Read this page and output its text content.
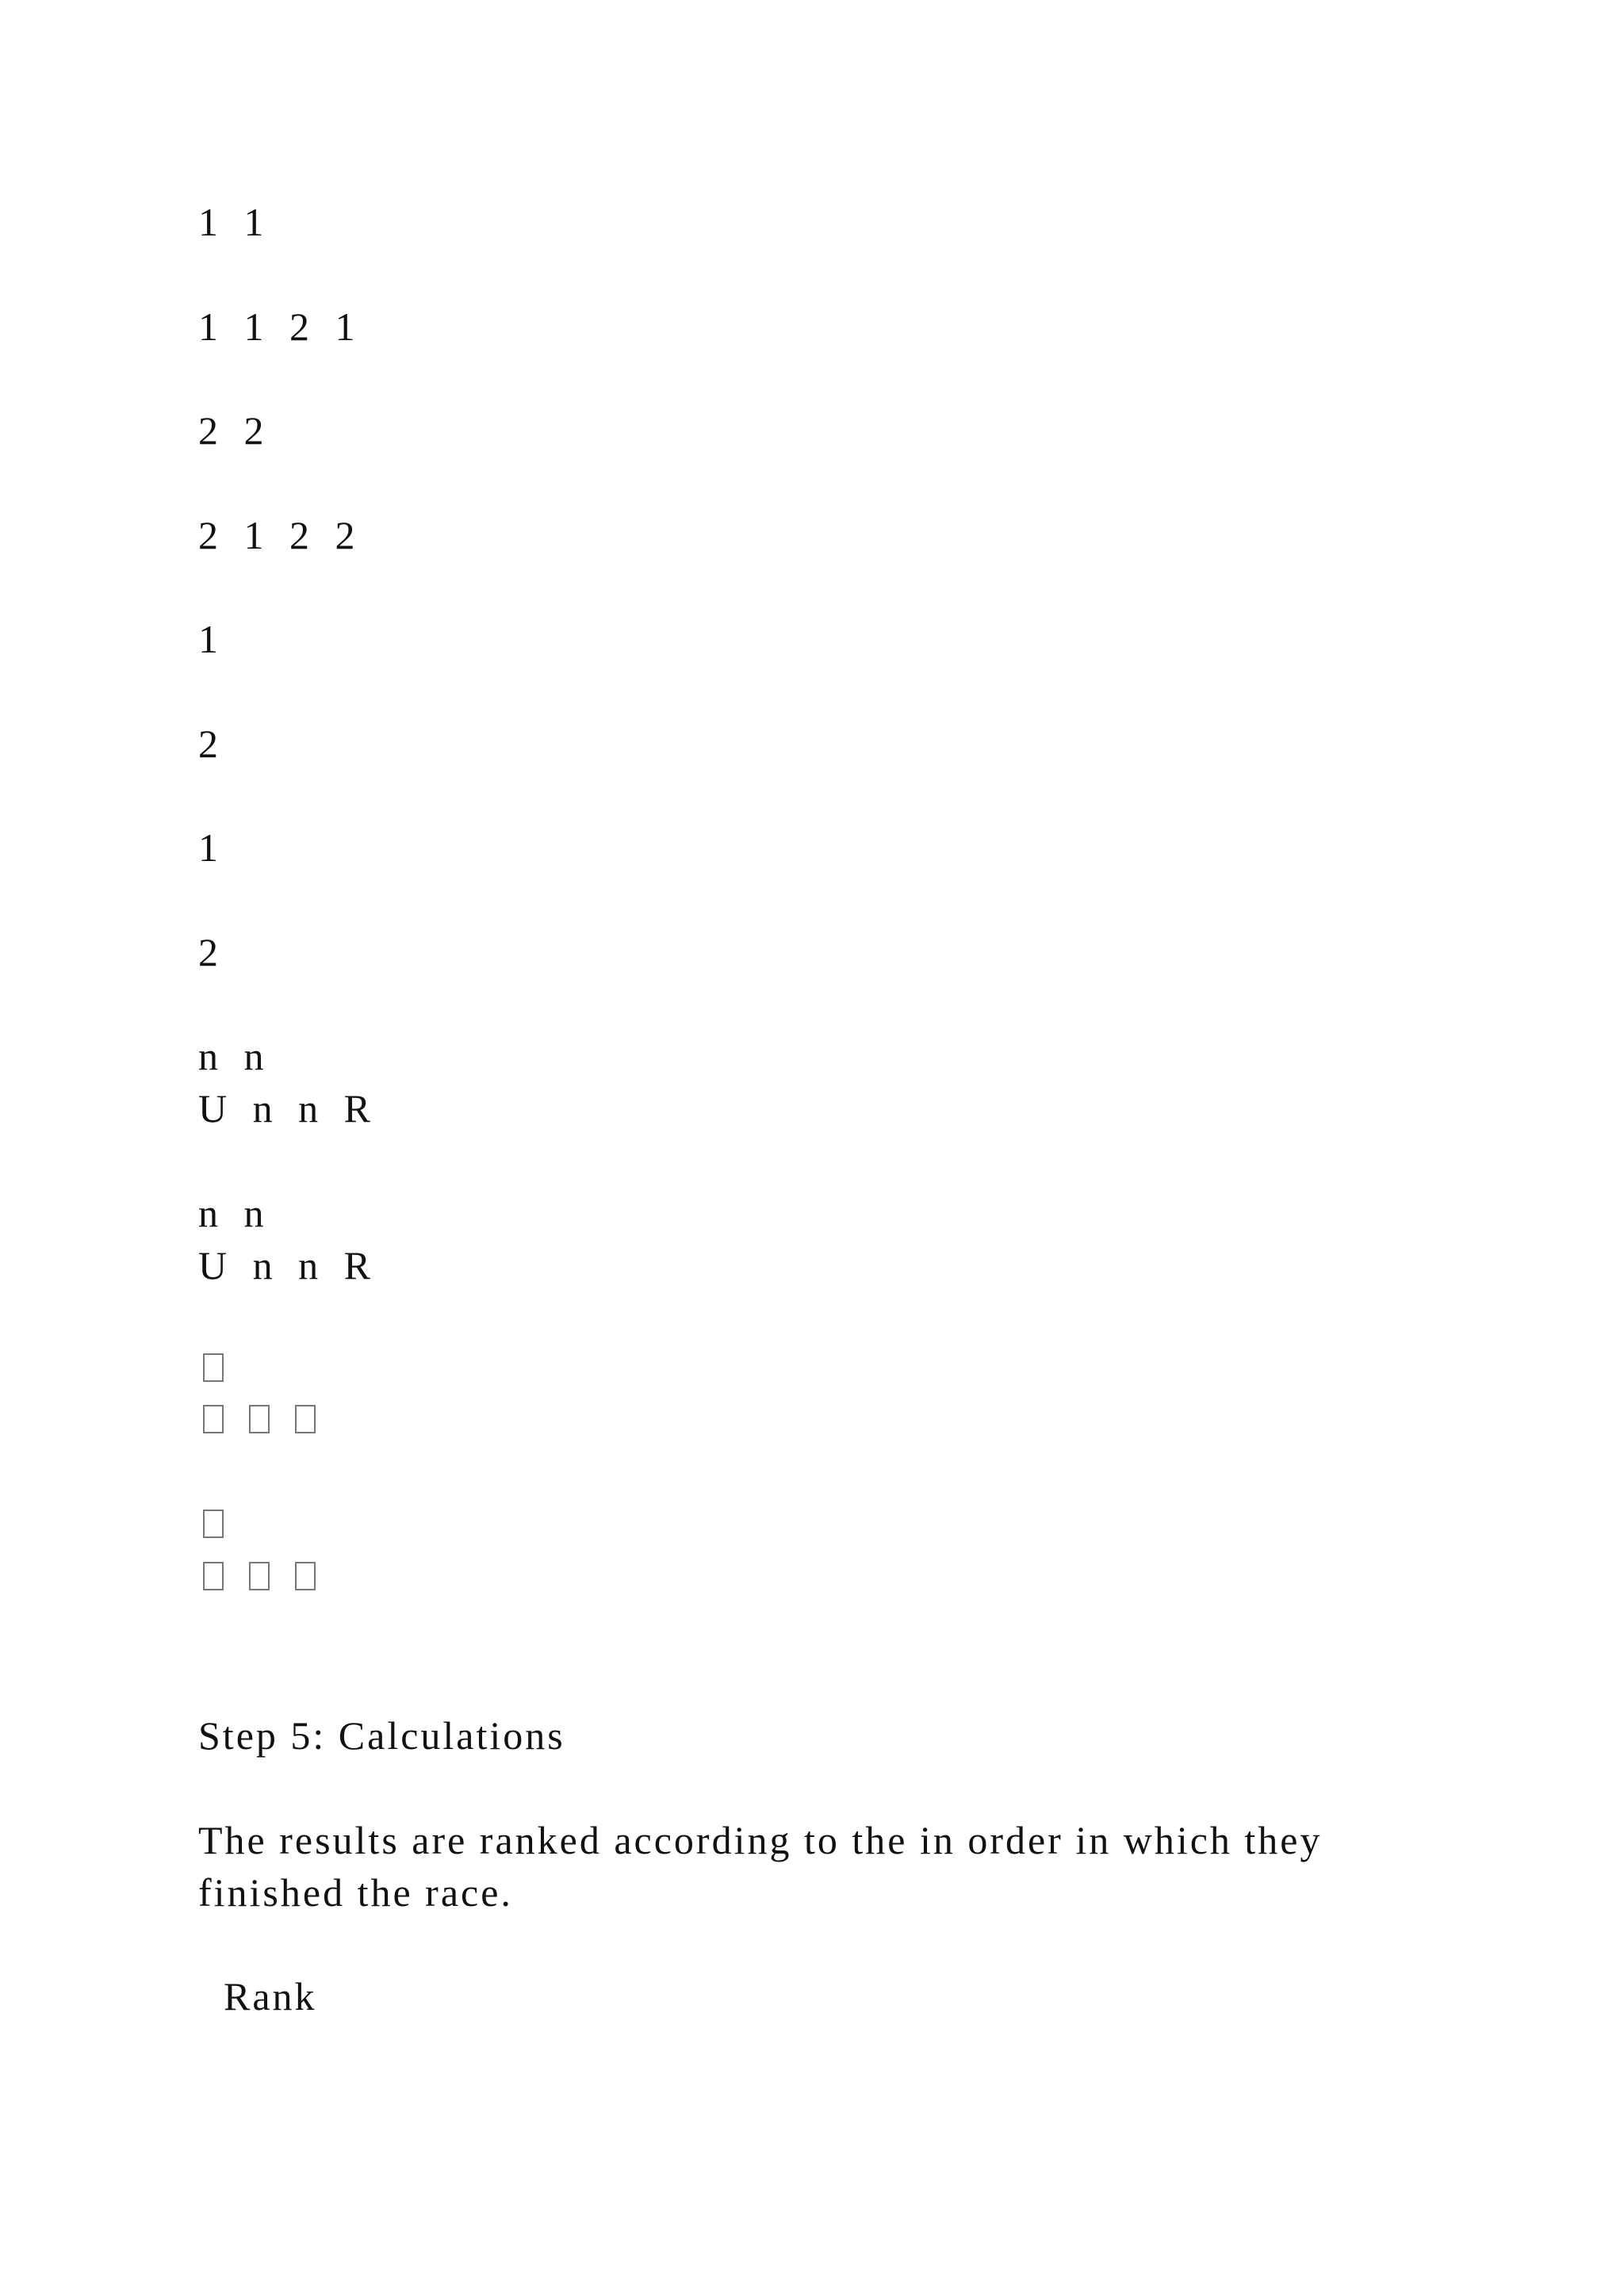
1 1
1 1 2 1
2 2
2 1 2 2
1
2
1
2
n n
U n n R
n n
U n n R
Step 5: Calculations
The results are ranked according to the in order in which they
finished the race.
Rank
